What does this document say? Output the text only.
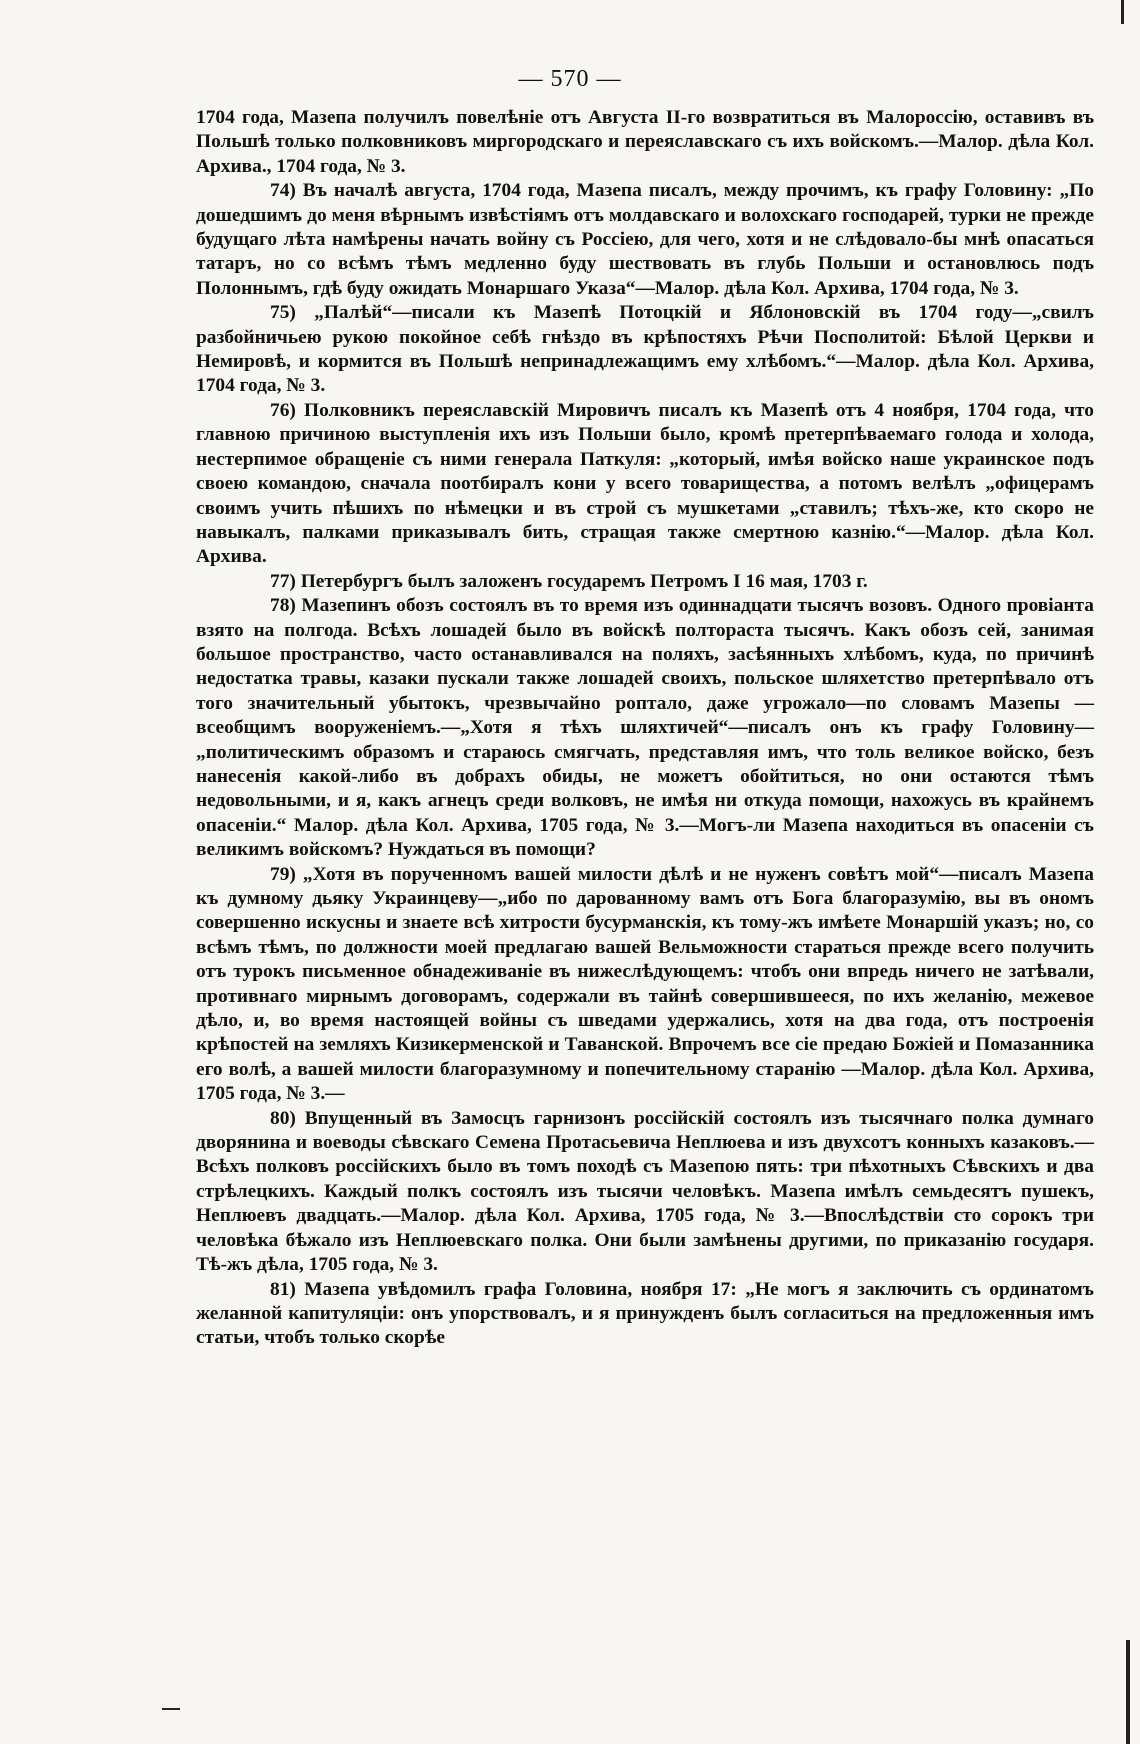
— 570 —

1704 года, Мазепа получилъ повелѣніе отъ Августа II-го возвратиться въ Малороссію, оставивъ въ Польшѣ только полковниковъ миргородскаго и переяславскаго съ ихъ войскомъ.—Малор. дѣла Кол. Архива., 1704 года, № 3.

74) Въ началѣ августа, 1704 года, Мазепа писалъ, между прочимъ, къ графу Головину: „По дошедшимъ до меня вѣрнымъ извѣстіямъ отъ молдавскаго и волохскаго господарей, турки не прежде будущаго лѣта намѣрены начать войну съ Россіею, для чего, хотя и не слѣдовало-бы мнѣ опасаться татаръ, но со всѣмъ тѣмъ медленно буду шествовать въ глубь Польши и остановлюсь подъ Полоннымъ, гдѣ буду ожидать Монаршаго Указа“—Малор. дѣла Кол. Архива, 1704 года, № 3.

75) „Палѣй“—писали къ Мазепѣ Потоцкій и Яблоновскій въ 1704 году—„свилъ разбойничьею рукою покойное себѣ гнѣздо въ крѣпостяхъ Рѣчи Посполитой: Бѣлой Церкви и Немировѣ, и кормится въ Польшѣ непринадлежащимъ ему хлѣбомъ.“—Малор. дѣла Кол. Архива, 1704 года, № 3.

76) Полковникъ переяславскій Мировичъ писалъ къ Мазепѣ отъ 4 ноября, 1704 года, что главною причиною выступленія ихъ изъ Польши было, кромѣ претерпѣваемаго голода и холода, нестерпимое обращеніе съ ними генерала Паткуля: „который, имѣя войско наше украинское подъ своею командою, сначала поотбиралъ кони у всего товарищества, а потомъ велѣлъ „офицерамъ своимъ учить пѣшихъ по нѣмецки и въ строй съ мушкетами „ставилъ; тѣхъ-же, кто скоро не навыкалъ, палками приказывалъ бить, стращая также смертною казнію.“—Малор. дѣла Кол. Архива.

77) Петербургъ былъ заложенъ государемъ Петромъ I 16 мая, 1703 г.

78) Мазепинъ обозъ состоялъ въ то время изъ одиннадцати тысячъ возовъ. Одного провіанта взято на полгода. Всѣхъ лошадей было въ войскѣ полтораста тысячъ. Какъ обозъ сей, занимая большое пространство, часто останавливался на поляхъ, засѣянныхъ хлѣбомъ, куда, по причинѣ недостатка травы, казаки пускали также лошадей своихъ, польское шляхетство претерпѣвало отъ того значительный убытокъ, чрезвычайно роптало, даже угрожало—по словамъ Мазепы — всеобщимъ вооруженіемъ.—„Хотя я тѣхъ шляхтичей“—писалъ онъ къ графу Головину—„политическимъ образомъ и стараюсь смягчать, представляя имъ, что толь великое войско, безъ нанесенія какой-либо въ добрахъ обиды, не можетъ обойтиться, но они остаются тѣмъ недовольными, и я, какъ агнецъ среди волковъ, не имѣя ни откуда помощи, нахожусь въ крайнемъ опасеніи.“ Малор. дѣла Кол. Архива, 1705 года, № 3.—Могъ-ли Мазепа находиться въ опасеніи съ великимъ войскомъ? Нуждаться въ помощи?

79) „Хотя въ порученномъ вашей милости дѣлѣ и не нуженъ совѣтъ мой“—писалъ Мазепа къ думному дьяку Украинцеву—„ибо по дарованному вамъ отъ Бога благоразумію, вы въ ономъ совершенно искусны и знаете всѣ хитрости бусурманскія, къ тому-жъ имѣете Монаршій указъ; но, со всѣмъ тѣмъ, по должности моей предлагаю вашей Вельможности стараться прежде всего получить отъ турокъ письменное обнадеживаніе въ нижеслѣдующемъ: чтобъ они впредь ничего не затѣвали, противнаго мирнымъ договорамъ, содержали въ тайнѣ совершившееся, по ихъ желанію, межевое дѣло, и, во время настоящей войны съ шведами удержались, хотя на два года, отъ построенія крѣпостей на земляхъ Кизикерменской и Таванской. Впрочемъ все сіе предаю Божіей и Помазанника его волѣ, а вашей милости благоразумному и попечительному старанію —Малор. дѣла Кол. Архива, 1705 года, № 3.—

80) Впущенный въ Замосцъ гарнизонъ россійскій состоялъ изъ тысячнаго полка думнаго дворянина и воеводы сѣвскаго Семена Протасьевича Неплюева и изъ двухсотъ конныхъ казаковъ.—Всѣхъ полковъ россійскихъ было въ томъ походѣ съ Мазепою пять: три пѣхотныхъ Сѣвскихъ и два стрѣлецкихъ. Каждый полкъ состоялъ изъ тысячи человѣкъ. Мазепа имѣлъ семьдесятъ пушекъ, Неплюевъ двадцать.—Малор. дѣла Кол. Архива, 1705 года, № 3.—Впослѣдствіи сто сорокъ три человѣка бѣжало изъ Неплюевскаго полка. Они были замѣнены другими, по приказанію государя. Тѣ-жъ дѣла, 1705 года, № 3.

81) Мазепа увѣдомилъ графа Головина, ноября 17: „Не могъ я заключить съ ординатомъ желанной капитуляціи: онъ упорствовалъ, и я принужденъ былъ согласиться на предложенныя имъ статьи, чтобъ только скорѣе
